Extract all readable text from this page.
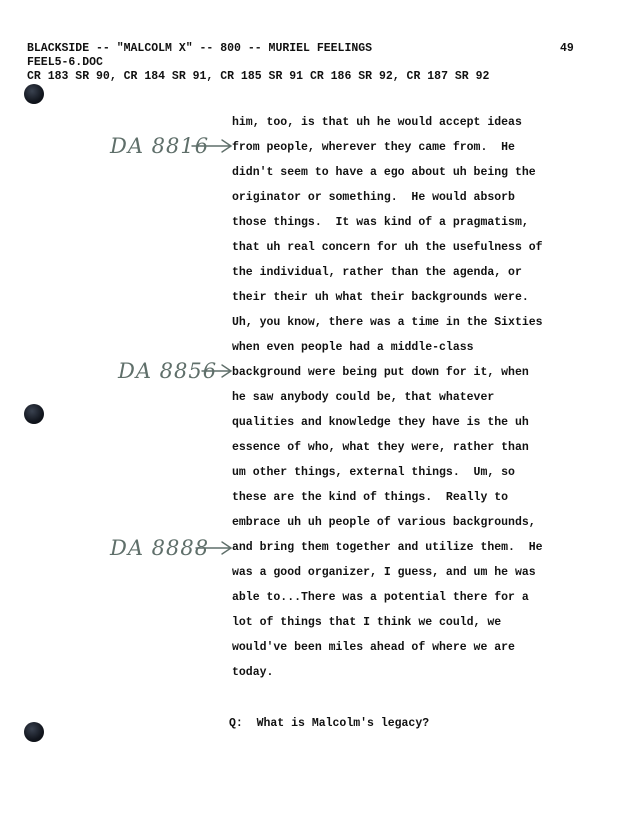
BLACKSIDE -- "MALCOLM X" -- 800 -- MURIEL FEELINGS	49
FEEL5-6.DOC
CR 183 SR 90, CR 184 SR 91, CR 185 SR 91 CR 186 SR 92, CR 187 SR 92
DA 8816
DA 8856
DA 8888
him, too, is that uh he would accept ideas
from people, wherever they came from.  He
didn't seem to have a ego about uh being the
originator or something.  He would absorb
those things.  It was kind of a pragmatism,
that uh real concern for uh the usefulness of
the individual, rather than the agenda, or
their their uh what their backgrounds were.
Uh, you know, there was a time in the Sixties
when even people had a middle-class
background were being put down for it, when
he saw anybody could be, that whatever
qualities and knowledge they have is the uh
essence of who, what they were, rather than
um other things, external things.  Um, so
these are the kind of things.  Really to
embrace uh uh people of various backgrounds,
and bring them together and utilize them.  He
was a good organizer, I guess, and um he was
able to...There was a potential there for a
lot of things that I think we could, we
would've been miles ahead of where we are
today.
Q:  What is Malcolm's legacy?
